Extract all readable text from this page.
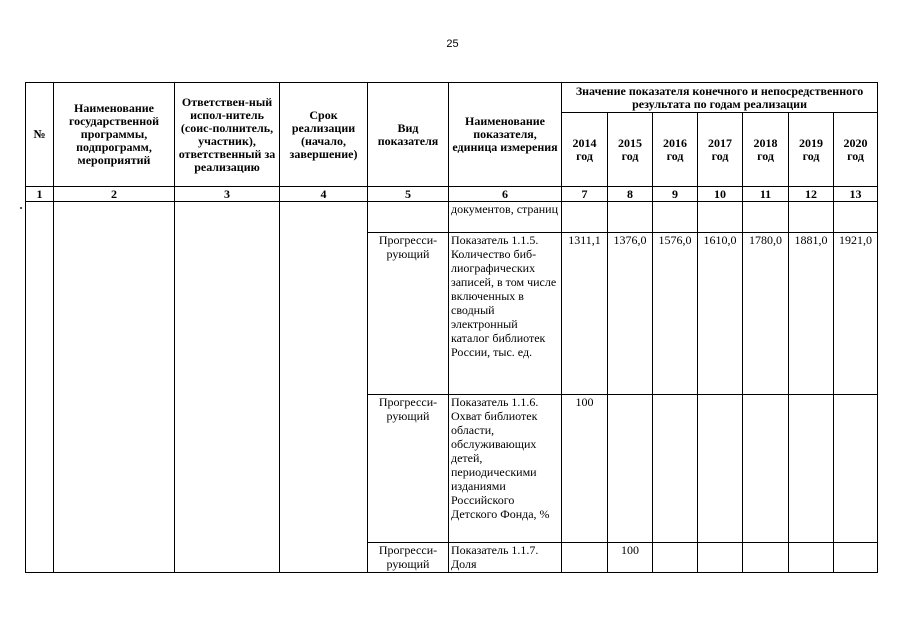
25
№	Наименование государственной программы, подпрограмм, мероприятий	Ответствен-ный испол-нитель (соис-полнитель, участник), ответственный за реализацию	Срок реализации (начало, завершение)	Вид показателя	Наименование показателя, единица измерения	Значение показателя конечного и непосредственного результата по годам реализации						
						2014 год	2015 год	2016 год	2017 год	2018 год	2019 год	2020 год
1	2	3	4	5	6	7	8	9	10	11	12	13
					документов, страниц							
				Прогресси-рующий	Показатель 1.1.5. Количество биб-лиографических записей, в том числе включенных в сводный электронный каталог библиотек России, тыс. ед.	1311,1	1376,0	1576,0	1610,0	1780,0	1881,0	1921,0
				Прогресси-рующий	Показатель 1.1.6. Охват библиотек области, обслуживающих детей, периодическими изданиями Российского Детского Фонда, %	100						
				Прогресси-рующий	Показатель 1.1.7. Доля		100					
